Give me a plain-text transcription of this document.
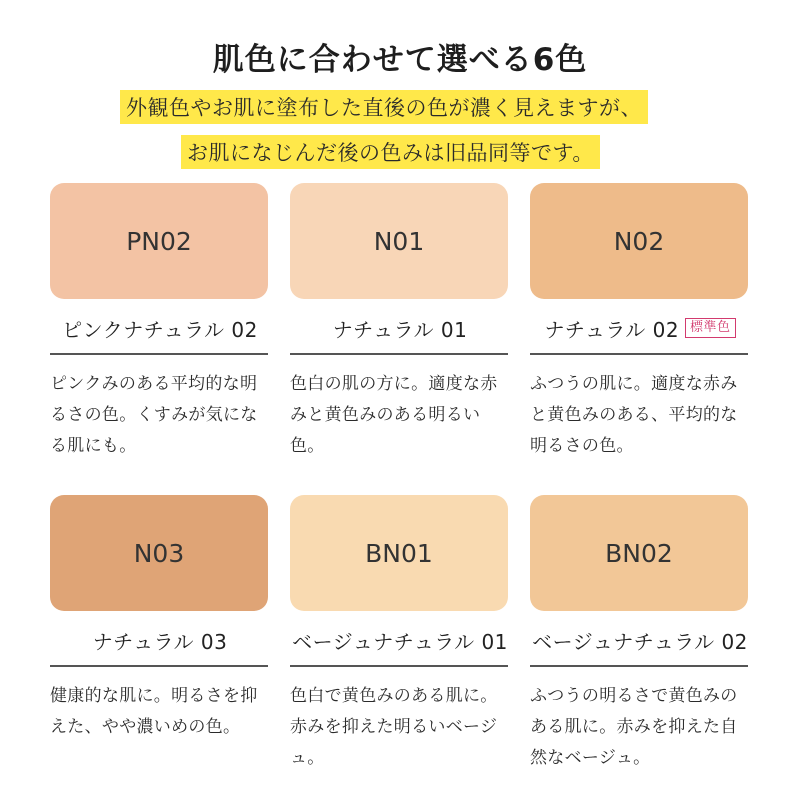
肌色に合わせて選べる6色
外観色やお肌に塗布した直後の色が濃く見えますが、
お肌になじんだ後の色みは旧品同等です。
PN02
ピンクナチュラル 02
ピンクみのある平均的な明るさの色。くすみが気になる肌にも。
N01
ナチュラル 01
色白の肌の方に。適度な赤みと黄色みのある明るい色。
N02
ナチュラル 02 標準色
ふつうの肌に。適度な赤みと黄色みのある、平均的な明るさの色。
N03
ナチュラル 03
健康的な肌に。明るさを抑えた、やや濃いめの色。
BN01
ベージュナチュラル 01
色白で黄色みのある肌に。赤みを抑えた明るいベージュ。
BN02
ベージュナチュラル 02
ふつうの明るさで黄色みのある肌に。赤みを抑えた自然なベージュ。
